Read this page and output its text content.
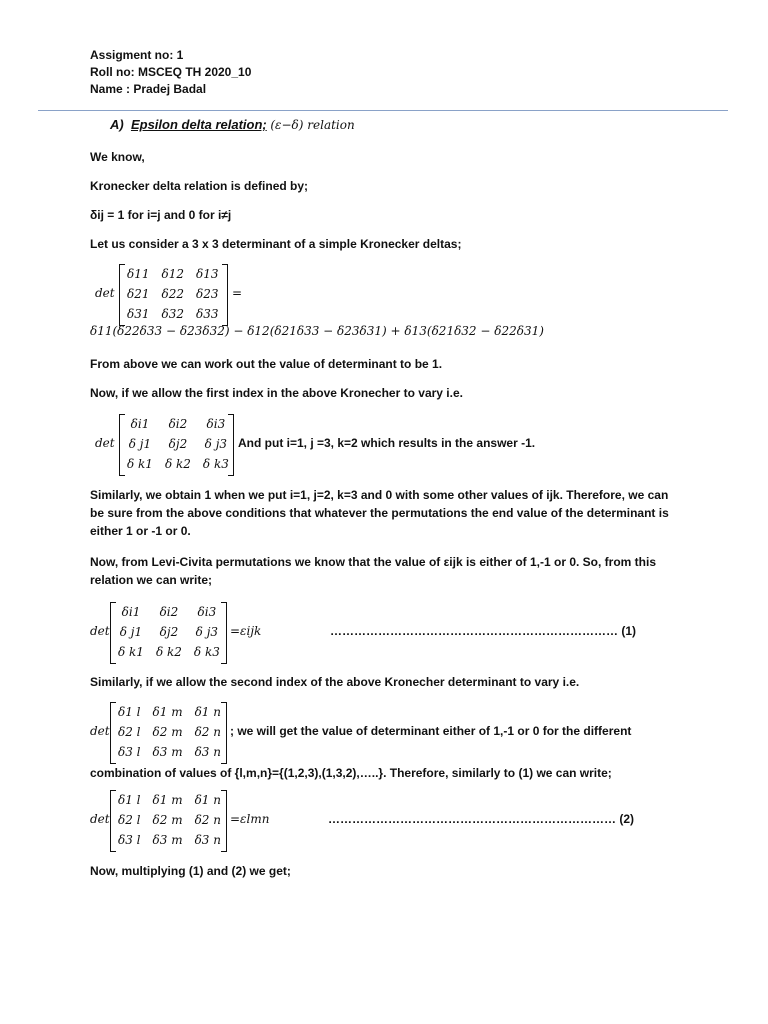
Assigment no: 1
Roll no: MSCEQ TH 2020_10
Name : Pradej Badal
A) Epsilon delta relation; (ε−δ) relation
We know,
Kronecker delta relation is defined by;
δij = 1 for i=j and 0 for i≠j
Let us consider a 3 x 3 determinant of a simple Kronecker deltas;
det
δ11	δ12	δ13
δ21	δ22	δ23
δ31	δ32	δ33
=
δ11(δ22δ33 − δ23δ32) − δ12(δ21δ33 − δ23δ31) + δ13(δ21δ32 − δ22δ31)
From above we can work out the value of determinant to be 1.
Now, if we allow the first index in the above Kronecher to vary i.e.
det
δi1	δi2	δi3
δ j1	δj2	δ j3
δ k1	δ k2	δ k3
And put i=1, j =3, k=2 which results in the answer -1.
Similarly, we obtain 1 when we put i=1, j=2, k=3 and 0 with some other values of ijk. Therefore, we can be sure from the above conditions that whatever the permutations the end value of the determinant is either 1 or -1 or 0.
Now, from Levi-Civita permutations we know that the value of εijk is either of 1,-1 or 0. So, from this relation we can write;
det
δi1	δi2	δi3
δ j1	δj2	δ j3
δ k1	δ k2	δ k3
=εijk	……………………………………………………………… (1)
Similarly, if we allow the second index of the above Kronecher determinant to vary i.e.
det
δ1 l	δ1 m	δ1 n
δ2 l	δ2 m	δ2 n
δ3 l	δ3 m	δ3 n
; we will get the value of determinant either of 1,-1 or 0 for the different
combination of values of {l,m,n}={(1,2,3),(1,3,2),…..}. Therefore, similarly to (1) we can write;
det
δ1 l	δ1 m	δ1 n
δ2 l	δ2 m	δ2 n
δ3 l	δ3 m	δ3 n
=εlmn	……………………………………………………………… (2)
Now, multiplying (1) and (2) we get;
